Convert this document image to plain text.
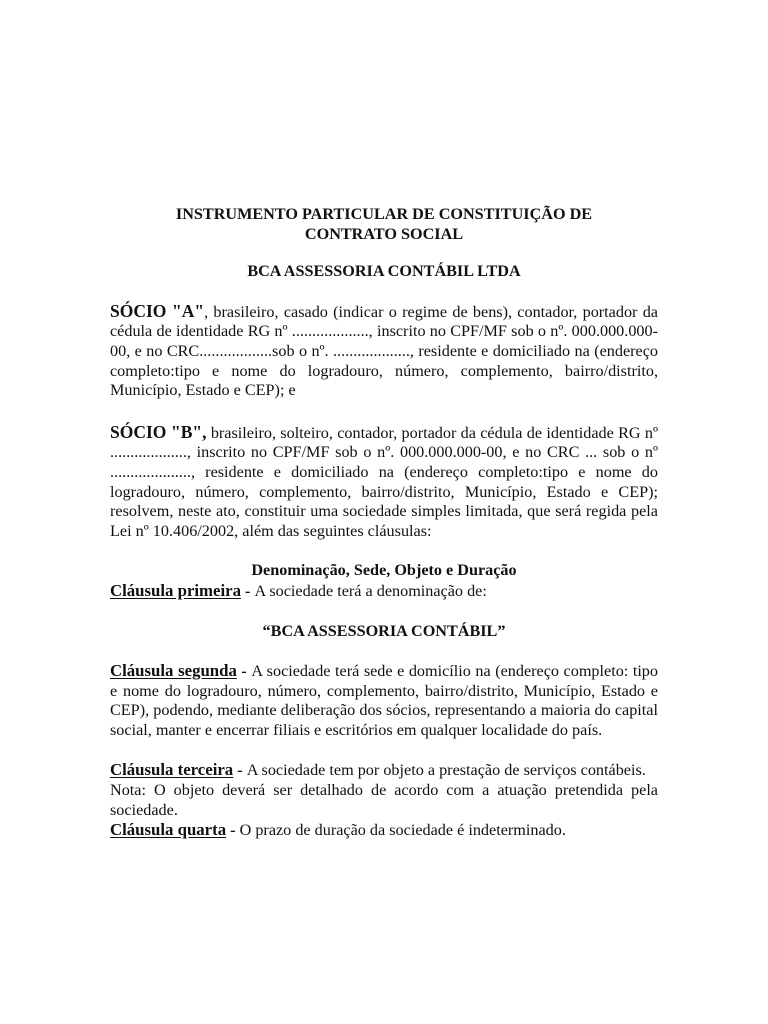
INSTRUMENTO PARTICULAR DE CONSTITUIÇÃO DE
CONTRATO SOCIAL

BCA ASSESSORIA CONTÁBIL LTDA

SÓCIO "A", brasileiro, casado (indicar o regime de bens), contador, portador da cédula de identidade RG nº ..................., inscrito no CPF/MF sob o nº. 000.000.000-00, e no CRC..................sob o nº. ..................., residente e domiciliado na (endereço completo:tipo e nome do logradouro, número, complemento, bairro/distrito, Município, Estado e CEP); e

SÓCIO "B", brasileiro, solteiro, contador, portador da cédula de identidade RG nº ..................., inscrito no CPF/MF sob o nº. 000.000.000-00, e no CRC ... sob o nº ...................., residente e domiciliado na (endereço completo:tipo e nome do logradouro, número, complemento, bairro/distrito, Município, Estado e CEP); resolvem, neste ato, constituir uma sociedade simples limitada, que será regida pela Lei nº 10.406/2002, além das seguintes cláusulas:

Denominação, Sede, Objeto e Duração

Cláusula primeira - A sociedade terá a denominação de:

“BCA ASSESSORIA CONTÁBIL”

Cláusula segunda - A sociedade terá sede e domicílio na (endereço completo: tipo e nome do logradouro, número, complemento, bairro/distrito, Município, Estado e CEP), podendo, mediante deliberação dos sócios, representando a maioria do capital social, manter e encerrar filiais e escritórios em qualquer localidade do país.

Cláusula terceira - A sociedade tem por objeto a prestação de serviços contábeis.

Nota: O objeto deverá ser detalhado de acordo com a atuação pretendida pela sociedade.

Cláusula quarta - O prazo de duração da sociedade é indeterminado.
